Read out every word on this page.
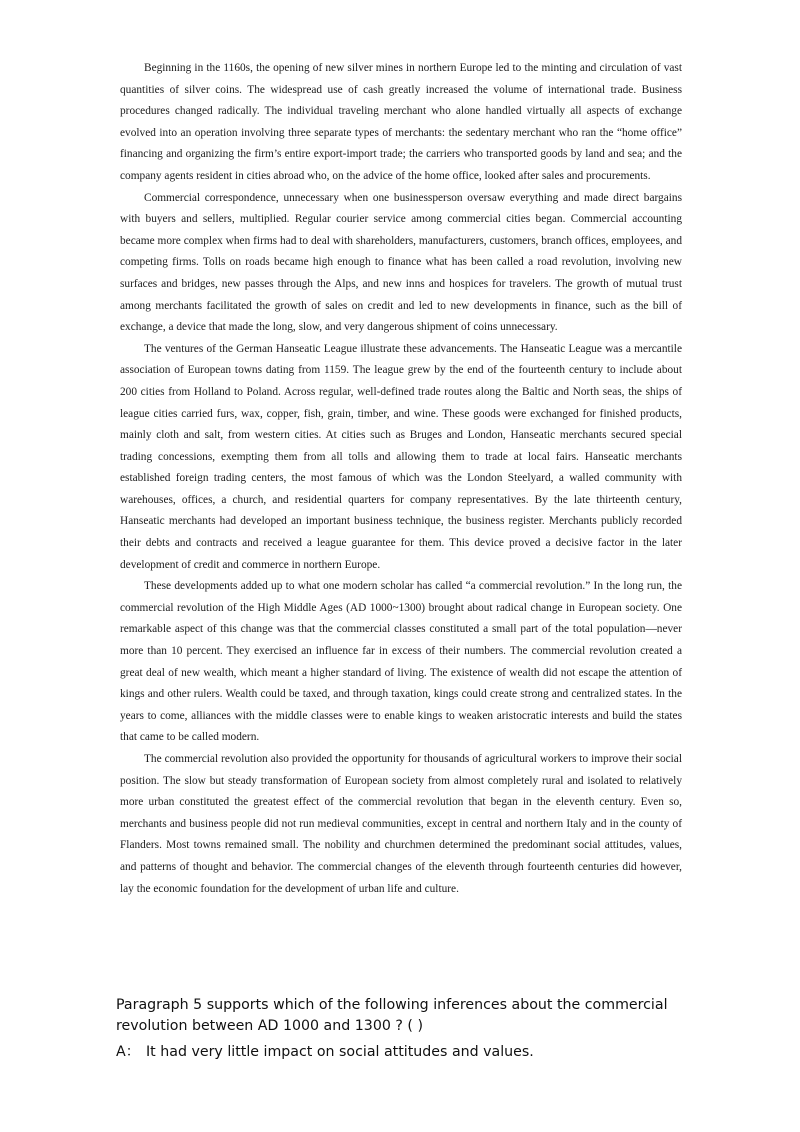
Beginning in the 1160s, the opening of new silver mines in northern Europe led to the minting and circulation of vast quantities of silver coins. The widespread use of cash greatly increased the volume of international trade. Business procedures changed radically. The individual traveling merchant who alone handled virtually all aspects of exchange evolved into an operation involving three separate types of merchants: the sedentary merchant who ran the “home office” financing and organizing the firm’s entire export-import trade; the carriers who transported goods by land and sea; and the company agents resident in cities abroad who, on the advice of the home office, looked after sales and procurements.

Commercial correspondence, unnecessary when one businessperson oversaw everything and made direct bargains with buyers and sellers, multiplied. Regular courier service among commercial cities began. Commercial accounting became more complex when firms had to deal with shareholders, manufacturers, customers, branch offices, employees, and competing firms. Tolls on roads became high enough to finance what has been called a road revolution, involving new surfaces and bridges, new passes through the Alps, and new inns and hospices for travelers. The growth of mutual trust among merchants facilitated the growth of sales on credit and led to new developments in finance, such as the bill of exchange, a device that made the long, slow, and very dangerous shipment of coins unnecessary.

The ventures of the German Hanseatic League illustrate these advancements. The Hanseatic League was a mercantile association of European towns dating from 1159. The league grew by the end of the fourteenth century to include about 200 cities from Holland to Poland. Across regular, well-defined trade routes along the Baltic and North seas, the ships of league cities carried furs, wax, copper, fish, grain, timber, and wine. These goods were exchanged for finished products, mainly cloth and salt, from western cities. At cities such as Bruges and London, Hanseatic merchants secured special trading concessions, exempting them from all tolls and allowing them to trade at local fairs. Hanseatic merchants established foreign trading centers, the most famous of which was the London Steelyard, a walled community with warehouses, offices, a church, and residential quarters for company representatives. By the late thirteenth century, Hanseatic merchants had developed an important business technique, the business register. Merchants publicly recorded their debts and contracts and received a league guarantee for them. This device proved a decisive factor in the later development of credit and commerce in northern Europe.

These developments added up to what one modern scholar has called “a commercial revolution.” In the long run, the commercial revolution of the High Middle Ages (AD 1000~1300) brought about radical change in European society. One remarkable aspect of this change was that the commercial classes constituted a small part of the total population—never more than 10 percent. They exercised an influence far in excess of their numbers. The commercial revolution created a great deal of new wealth, which meant a higher standard of living. The existence of wealth did not escape the attention of kings and other rulers. Wealth could be taxed, and through taxation, kings could create strong and centralized states. In the years to come, alliances with the middle classes were to enable kings to weaken aristocratic interests and build the states that came to be called modern.

The commercial revolution also provided the opportunity for thousands of agricultural workers to improve their social position. The slow but steady transformation of European society from almost completely rural and isolated to relatively more urban constituted the greatest effect of the commercial revolution that began in the eleventh century. Even so, merchants and business people did not run medieval communities, except in central and northern Italy and in the county of Flanders. Most towns remained small. The nobility and churchmen determined the predominant social attitudes, values, and patterns of thought and behavior. The commercial changes of the eleventh through fourteenth centuries did however, lay the economic foundation for the development of urban life and culture.

Paragraph 5 supports which of the following inferences about the commercial revolution between AD 1000 and 1300 ? ( )
A： It had very little impact on social attitudes and values.
